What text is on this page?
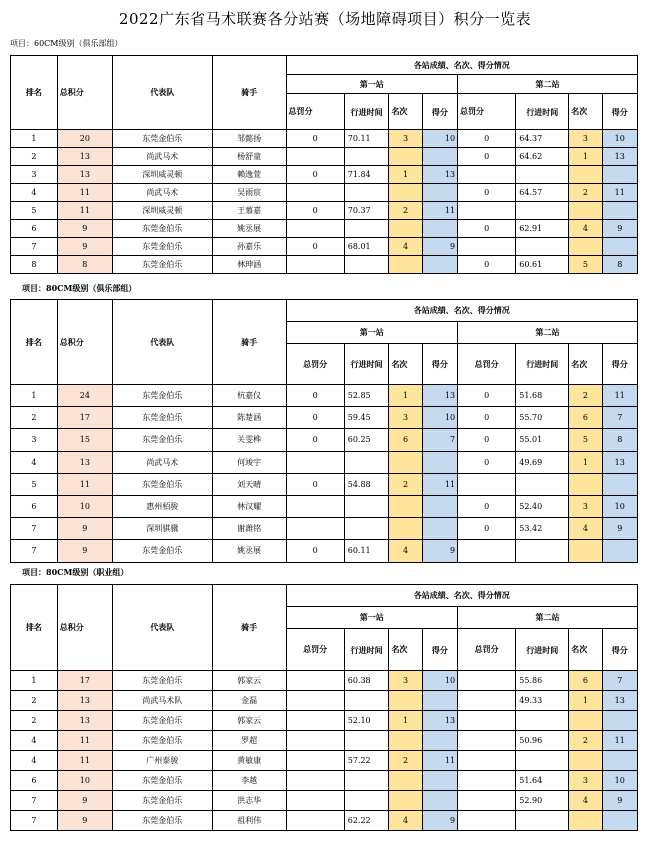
2022广东省马术联赛各分站赛（场地障碍项目）积分一览表
项目：60CM级别（俱乐部组）
排名	总积分	代表队	骑手	各站成绩、名次、得分情况							
				第一站				第二站			
				总罚分	行进时间	名次	得分	总罚分	行进时间	名次	得分
1	20	东莞金伯乐	邹懿扬	0	70.11	3	10	0	64.37	3	10
2	13	尚武马术	杨舒童					0	64.62	1	13
3	13	深圳威灵顿	赖逸萱	0	71.84	1	13				
4	11	尚武马术	吴雨宸					0	64.57	2	11
5	11	深圳威灵顿	王慕嘉	0	70.37	2	11				
6	9	东莞金伯乐	姚丞展					0	62.91	4	9
7	9	东莞金伯乐	孙嘉乐	0	68.01	4	9				
8	8	东莞金伯乐	林珅涵					0	60.61	5	8
项目：80CM级别（俱乐部组）
排名	总积分	代表队	骑手	各站成绩、名次、得分情况							
				第一站				第二站			
				总罚分	行进时间	名次	得分	总罚分	行进时间	名次	得分
1	24	东莞金伯乐	杭嘉仪	0	52.85	1	13	0	51.68	2	11
2	17	东莞金伯乐	陈楚涵	0	59.45	3	10	0	55.70	6	7
3	15	东莞金伯乐	关雯桦	0	60.25	6	7	0	55.01	5	8
4	13	尚武马术	何竣宇					0	49.69	1	13
5	11	东莞金伯乐	刘天晴	0	54.88	2	11				
6	10	惠州栢骏	林汉耀					0	52.40	3	10
7	9	深圳骐骥	谢潍铭					0	53.42	4	9
7	9	东莞金伯乐	姚丞展	0	60.11	4	9				
项目：80CM级别（职业组）
排名	总积分	代表队	骑手	各站成绩、名次、得分情况							
				第一站				第二站			
				总罚分	行进时间	名次	得分	总罚分	行进时间	名次	得分
1	17	东莞金伯乐	郭家云		60.38	3	10		55.86	6	7
2	13	尚武马术队	金磊						49.33	1	13
2	13	东莞金伯乐	郭家云		52.10	1	13				
4	11	东莞金伯乐	罗超						50.96	2	11
4	11	广州泰骏	黄敏康		57.22	2	11				
6	10	东莞金伯乐	李越						51.64	3	10
7	9	东莞金伯乐	洪志华						52.90	4	9
7	9	东莞金伯乐	祖利伟		62.22	4	9				
